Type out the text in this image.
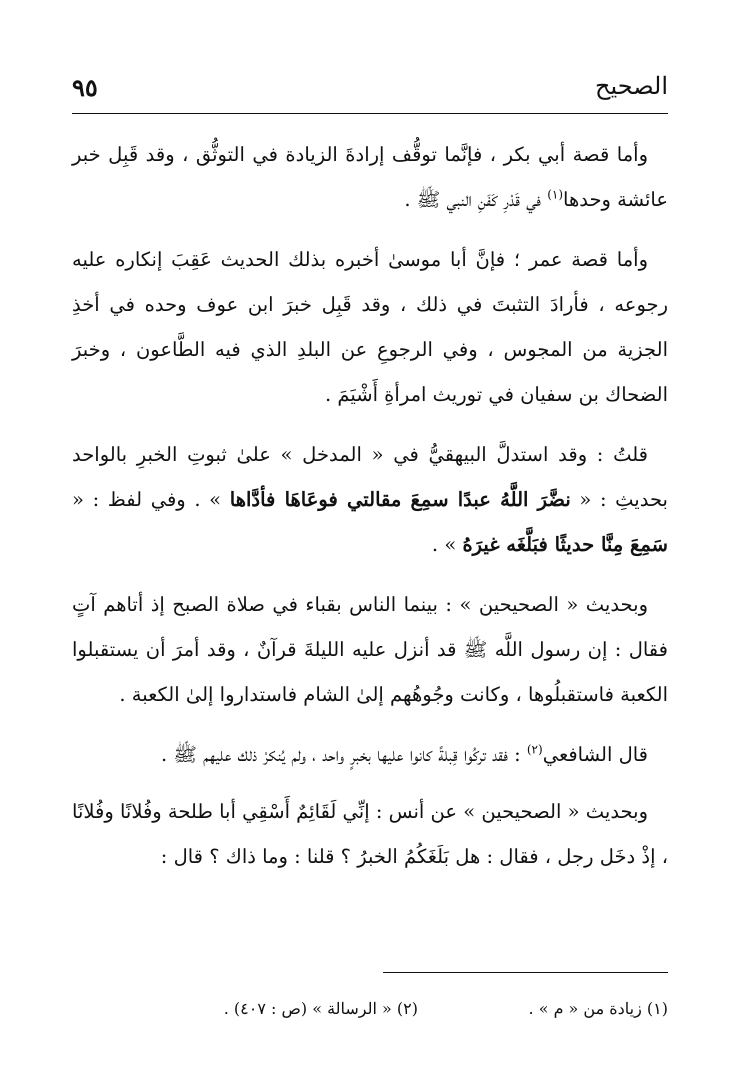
الصحيح
٩٥

وأما قصة أبي بكر ، فإنَّما توقُّف إرادةَ الزيادة في التوثُّق ، وقد قَبِل خبر عائشة وحدها$^{(١)}$ في قَدْرِ كَفَنِ النبي ﷺ .

وأما قصة عمر ؛ فإنَّ أبا موسىٰ أخبره بذلك الحديث عَقِبَ إنكاره عليه رجوعه ، فأرادَ التثبتَ في ذلك ، وقد قَبِل خبرَ ابن عوف وحده في أخذِ الجزية من المجوس ، وفي الرجوعِ عن البلدِ الذي فيه الطَّاعون ، وخبرَ الضحاك بن سفيان في توريث امرأةِ أَشْيَمَ .

قلتُ : وقد استدلَّ البيهقيُّ في « المدخل » علىٰ ثبوتِ الخبرِ بالواحد بحديثِ : « نضَّرَ اللَّهُ عبدًا سمِعَ مقالتي فوعَاهَا فأدَّاها » . وفي لفظ : « سَمِعَ مِنَّا حديثًا فبَلَّغَه غيرَهُ » .

وبحديث « الصحيحين » : بينما الناس بقباء في صلاة الصبح إذ أتاهم آتٍ فقال : إن رسول اللَّه ﷺ قد أنزل عليه الليلةَ قرآنٌ ، وقد أمرَ أن يستقبلوا الكعبة فاستقبلُوها ، وكانت وجُوهُهم إلىٰ الشام فاستداروا إلىٰ الكعبة .

قال الشافعي$^{(٢)}$ : فقد تركُوا قِبلةً كانوا عليها بخبرٍ واحد ، ولم يُنكرْ ذلك عليهم ﷺ .

وبحديث « الصحيحين » عن أنس : إنِّي لَقَائِمٌ أَسْقِي أبا طلحة وفُلانًا وفُلانًا ، إذْ دخَل رجل ، فقال : هل بَلَغَكُمُ الخبرُ ؟ قلنا : وما ذاك ؟ قال :

(١) زيادة من « م » .
(٢) « الرسالة » (ص : ٤٠٧) .
